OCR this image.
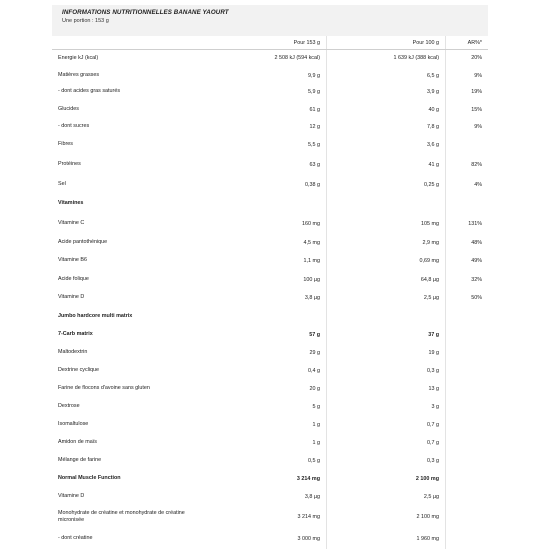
INFORMATIONS NUTRITIONNELLES BANANE YAOURT
Une portion : 153 g
	Pour 153 g	Pour 100 g	AR%*
Energie kJ (kcal)	2 508 kJ (594 kcal)	1 639 kJ (388 kcal)	20%
Matières grasses	9,9 g	6,5 g	9%
- dont acides gras saturés	5,9 g	3,9 g	19%
Glucides	61 g	40 g	15%
- dont sucres	12 g	7,8 g	9%
Fibres	5,5 g	3,6 g	
Protéines	63 g	41 g	82%
Sel	0,38 g	0,25 g	4%
Vitamines			
Vitamine C	160 mg	105 mg	131%
Acide pantothénique	4,5 mg	2,9 mg	48%
Vitamine B6	1,1 mg	0,69 mg	49%
Acide folique	100 µg	64,8 µg	32%
Vitamine D	3,8 µg	2,5 µg	50%
Jumbo hardcore multi matrix			
7-Carb matrix	57 g	37 g	
Maltodextrin	29 g	19 g	
Dextrine cyclique	0,4 g	0,3 g	
Farine de flocons d'avoine sans gluten	20 g	13 g	
Dextrose	5 g	3 g	
Isomaltulose	1 g	0,7 g	
Amidon de maïs	1 g	0,7 g	
Mélange de farine	0,5 g	0,3 g	
Normal Muscle Function	3 214 mg	2 100 mg	
Vitamine D	3,8 µg	2,5 µg	
Monohydrate de créatine et monohydrate de créatine micronisée	3 214 mg	2 100 mg	
- dont créatine	3 000 mg	1 960 mg	
